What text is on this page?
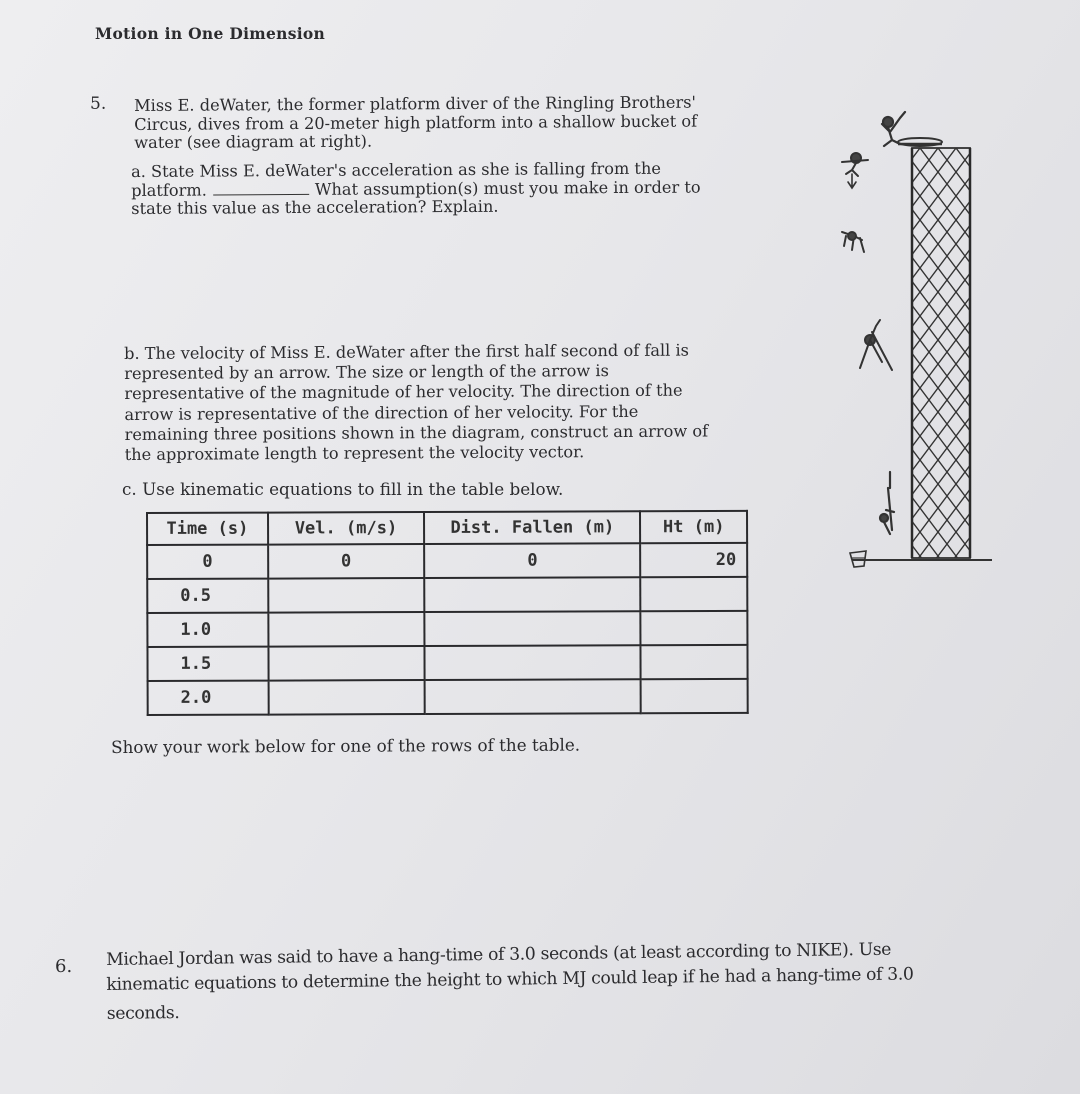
Motion in One Dimension
5. Miss E. deWater, the former platform diver of the Ringling Brothers'
Circus, dives from a 20-meter high platform into a shallow bucket of
water (see diagram at right).
a. State Miss E. deWater's acceleration as she is falling from the
platform.	What assumption(s) must you make in order to
state this value as the acceleration? Explain.
b. The velocity of Miss E. deWater after the first half second of fall is
represented by an arrow. The size or length of the arrow is
representative of the magnitude of her velocity. The direction of the
arrow is representative of the direction of her velocity. For the
remaining three positions shown in the diagram, construct an arrow of
the approximate length to represent the velocity vector.
c. Use kinematic equations to fill in the table below.
Time (s)	Vel. (m/s)	Dist. Fallen (m)	Ht (m)
0	0	0	20
0.5			
1.0			
1.5			
2.0			
Show your work below for one of the rows of the table.
6. Michael Jordan was said to have a hang-time of 3.0 seconds (at least according to NIKE). Use
kinematic equations to determine the height to which MJ could leap if he had a hang-time of 3.0
seconds.
